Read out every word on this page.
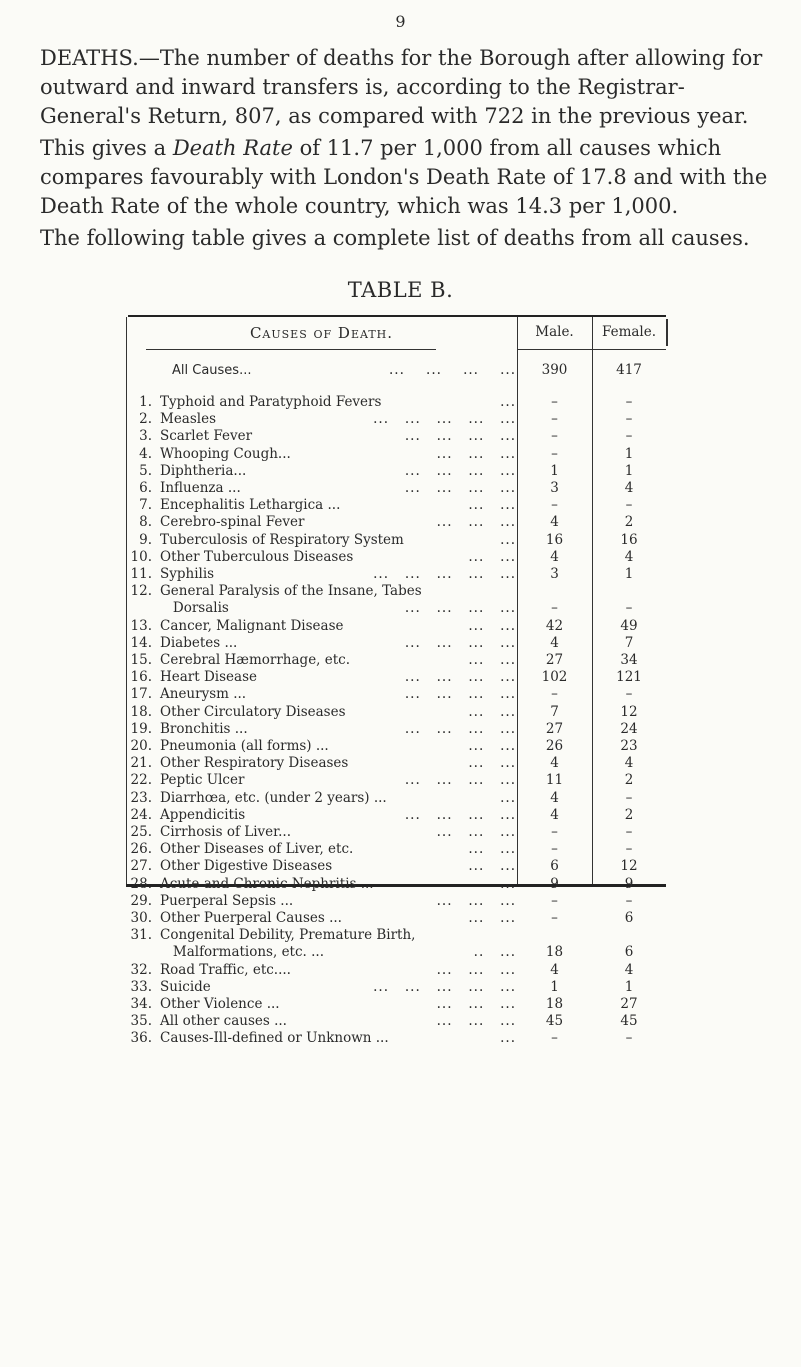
9

DEATHS.—The number of deaths for the Borough after allowing for outward and inward transfers is, according to the Registrar-General's Return, 807, as compared with 722 in the previous year.

This gives a Death Rate of 11.7 per 1,000 from all causes which compares favourably with London's Death Rate of 17.8 and with the Death Rate of the whole country, which was 14.3 per 1,000.

The following table gives a complete list of deaths from all causes.

TABLE B.
Causes of Death.	Male.	Female.
All Causes...	...    ...    ...    ...	390	417
1. Typhoid and Paratyphoid Fevers	...	–	–
2. Measles	...   ...   ...   ...   ...	–	–
3. Scarlet Fever	...   ...   ...   ...	–	–
4. Whooping Cough...	...   ...   ...	–	1
5. Diphtheria...	...   ...   ...   ...	1	1
6. Influenza ...	...   ...   ...   ...	3	4
7. Encephalitis Lethargica ...	...   ...	–	–
8. Cerebro-spinal Fever	...   ...   ...	4	2
9. Tuberculosis of Respiratory System	...	16	16
10. Other Tuberculous Diseases	...   ...	4	4
11. Syphilis	...   ...   ...   ...   ...	3	1
12. General Paralysis of the Insane, Tabes
Dorsalis	...   ...   ...   ...	–	–
13. Cancer, Malignant Disease	...   ...	42	49
14. Diabetes ...	...   ...   ...   ...	4	7
15. Cerebral Hæmorrhage, etc.	...   ...	27	34
16. Heart Disease	...   ...   ...   ...	102	121
17. Aneurysm ...	...   ...   ...   ...	–	–
18. Other Circulatory Diseases	...   ...	7	12
19. Bronchitis ...	...   ...   ...   ...	27	24
20. Pneumonia (all forms) ...	...   ...	26	23
21. Other Respiratory Diseases	...   ...	4	4
22. Peptic Ulcer	...   ...   ...   ...	11	2
23. Diarrhœa, etc. (under 2 years) ...	...	4	–
24. Appendicitis	...   ...   ...   ...	4	2
25. Cirrhosis of Liver...	...   ...   ...	–	–
26. Other Diseases of Liver, etc.	...   ...	–	–
27. Other Digestive Diseases	...   ...	6	12
28. Acute and Chronic Nephritis ...	...	9	9
29. Puerperal Sepsis ...	...   ...   ...	–	–
30. Other Puerperal Causes ...	...   ...	–	6
31. Congenital Debility, Premature Birth,
Malformations, etc. ...	..   ...	18	6
32. Road Traffic, etc....	...   ...   ...	4	4
33. Suicide	...   ...   ...   ...   ...	1	1
34. Other Violence ...	...   ...   ...	18	27
35. All other causes ...	...   ...   ...	45	45
36. Causes-Ill-defined or Unknown ...	...	–	–
